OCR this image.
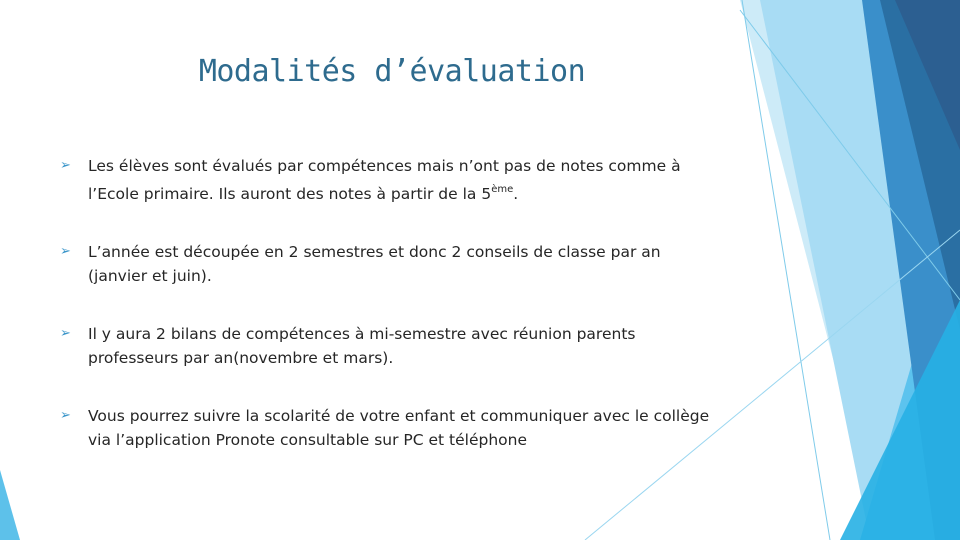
Modalités d’évaluation
➢ Les élèves sont évalués par compétences mais n’ont pas de notes comme à l’Ecole primaire. Ils auront des notes à partir de la 5ème.
➢ L’année est découpée en 2 semestres et donc 2 conseils de classe par an (janvier et juin).
➢ Il y aura 2 bilans de compétences à mi-semestre avec réunion parents professeurs par an(novembre et mars).
➢ Vous pourrez suivre la scolarité de votre enfant et communiquer avec le collège via l’application Pronote consultable sur PC et téléphone
